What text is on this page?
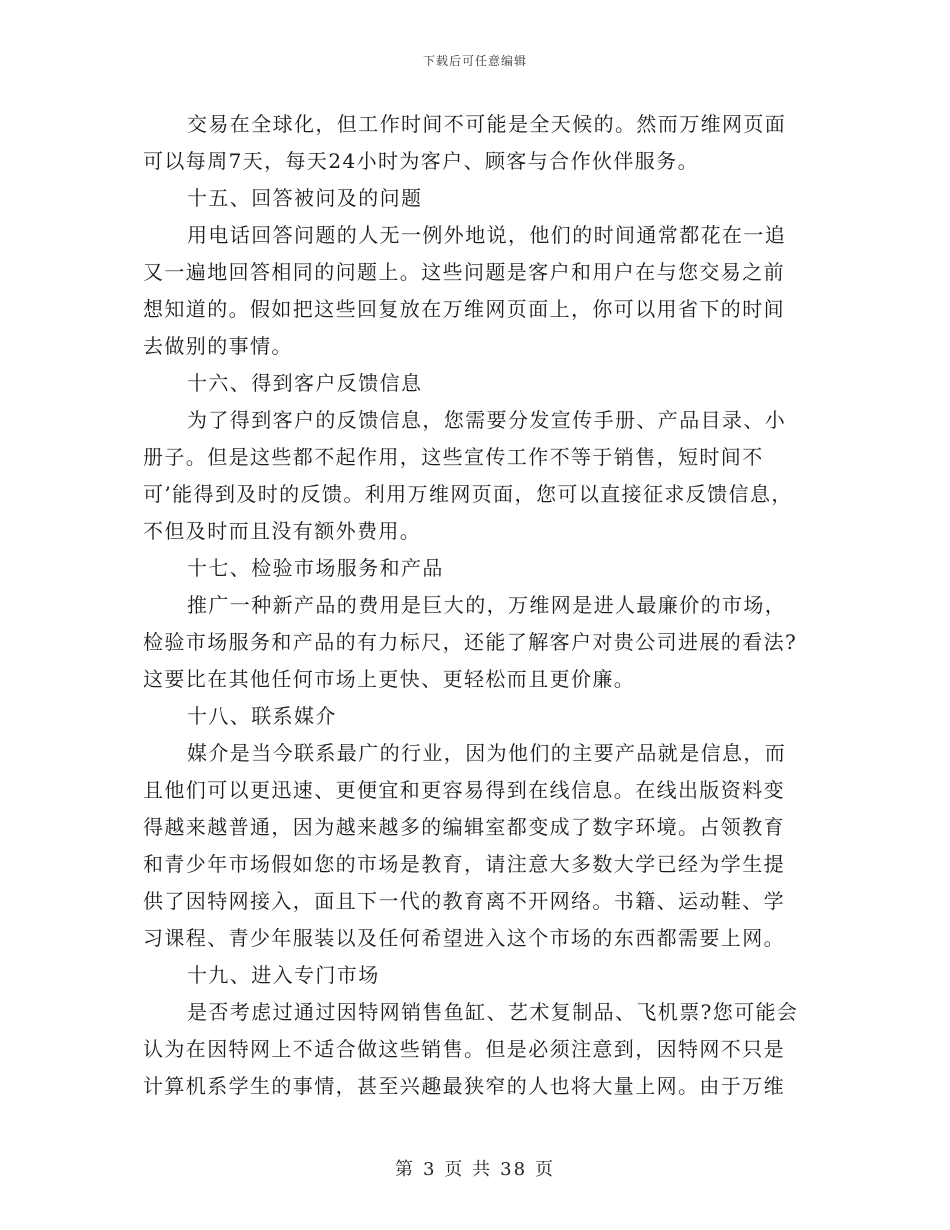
下载后可任意编辑
交易在全球化，但工作时间不可能是全天候的。然而万维网页面
可以每周7天，每天24小时为客户、顾客与合作伙伴服务。
十五、回答被问及的问题
用电话回答问题的人无一例外地说，他们的时间通常都花在一追
又一遍地回答相同的问题上。这些问题是客户和用户在与您交易之前
想知道的。假如把这些回复放在万维网页面上，你可以用省下的时间
去做别的事情。
十六、得到客户反馈信息
为了得到客户的反馈信息，您需要分发宣传手册、产品目录、小
册子。但是这些都不起作用，这些宣传工作不等于销售，短时间不
可’能得到及时的反馈。利用万维网页面，您可以直接征求反馈信息，
不但及时而且没有额外费用。
十七、检验市场服务和产品
推广一种新产品的费用是巨大的，万维网是进人最廉价的市场，
检验市场服务和产品的有力标尺，还能了解客户对贵公司进展的看法?
这要比在其他任何市场上更快、更轻松而且更价廉。
十八、联系媒介
媒介是当今联系最广的行业，因为他们的主要产品就是信息，而
且他们可以更迅速、更便宜和更容易得到在线信息。在线出版资料变
得越来越普通，因为越来越多的编辑室都变成了数字环境。占领教育
和青少年市场假如您的市场是教育，请注意大多数大学已经为学生提
供了因特网接入，面且下一代的教育离不开网络。书籍、运动鞋、学
习课程、青少年服装以及任何希望进入这个市场的东西都需要上网。
十九、进入专门市场
是否考虑过通过因特网销售鱼缸、艺术复制品、飞机票?您可能会
认为在因特网上不适合做这些销售。但是必须注意到，因特网不只是
计算机系学生的事情，甚至兴趣最狭窄的人也将大量上网。由于万维
第 3 页 共 38 页
